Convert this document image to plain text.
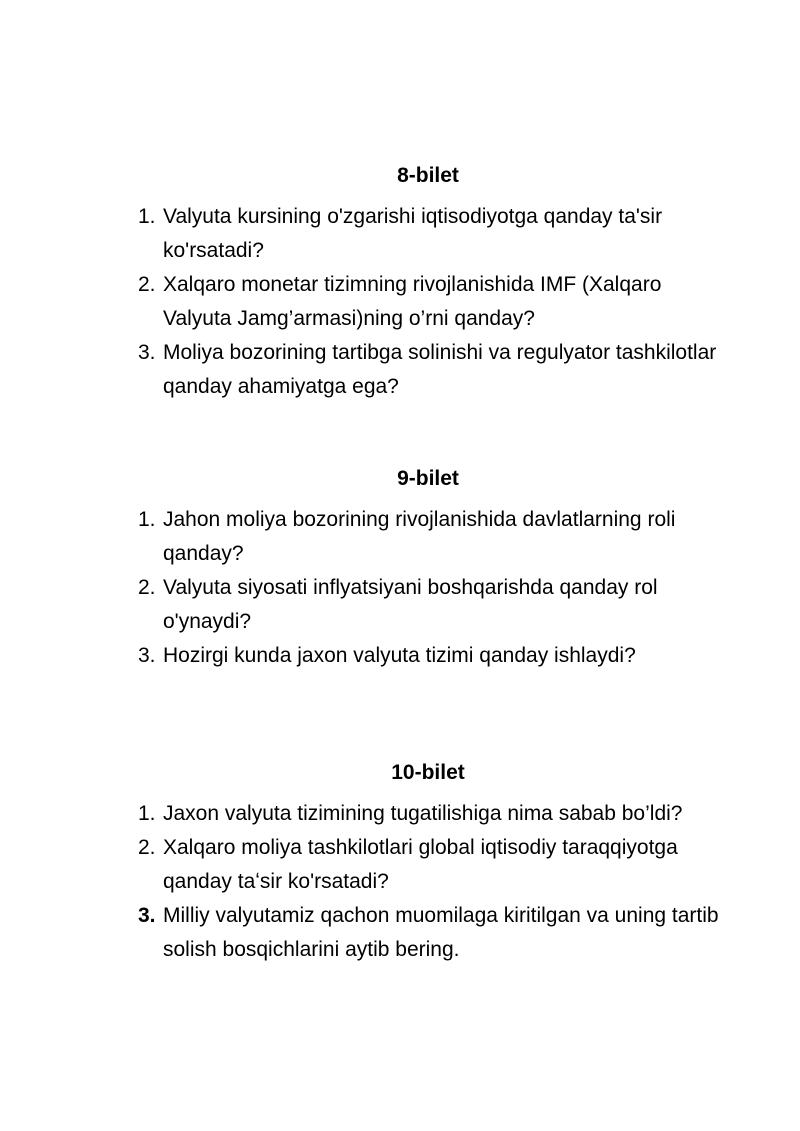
8-bilet
1. Valyuta kursining o'zgarishi iqtisodiyotga qanday ta'sir ko'rsatadi?
2. Xalqaro monetar tizimning rivojlanishida IMF (Xalqaro Valyuta Jamg’armasi)ning o’rni qanday?
3. Moliya bozorining tartibga solinishi va regulyator tashkilotlar qanday ahamiyatga ega?
9-bilet
1. Jahon moliya bozorining rivojlanishida davlatlarning roli qanday?
2. Valyuta siyosati inflyatsiyani boshqarishda qanday rol o'ynaydi?
3. Hozirgi kunda jaxon valyuta tizimi qanday ishlaydi?
10-bilet
1. Jaxon valyuta tizimining tugatilishiga nima sabab bo’ldi?
2. Xalqaro moliya tashkilotlari global iqtisodiy taraqqiyotga qanday taʻsir ko'rsatadi?
3. Milliy valyutamiz qachon muomilaga kiritilgan va uning tartib solish bosqichlarini aytib bering.
